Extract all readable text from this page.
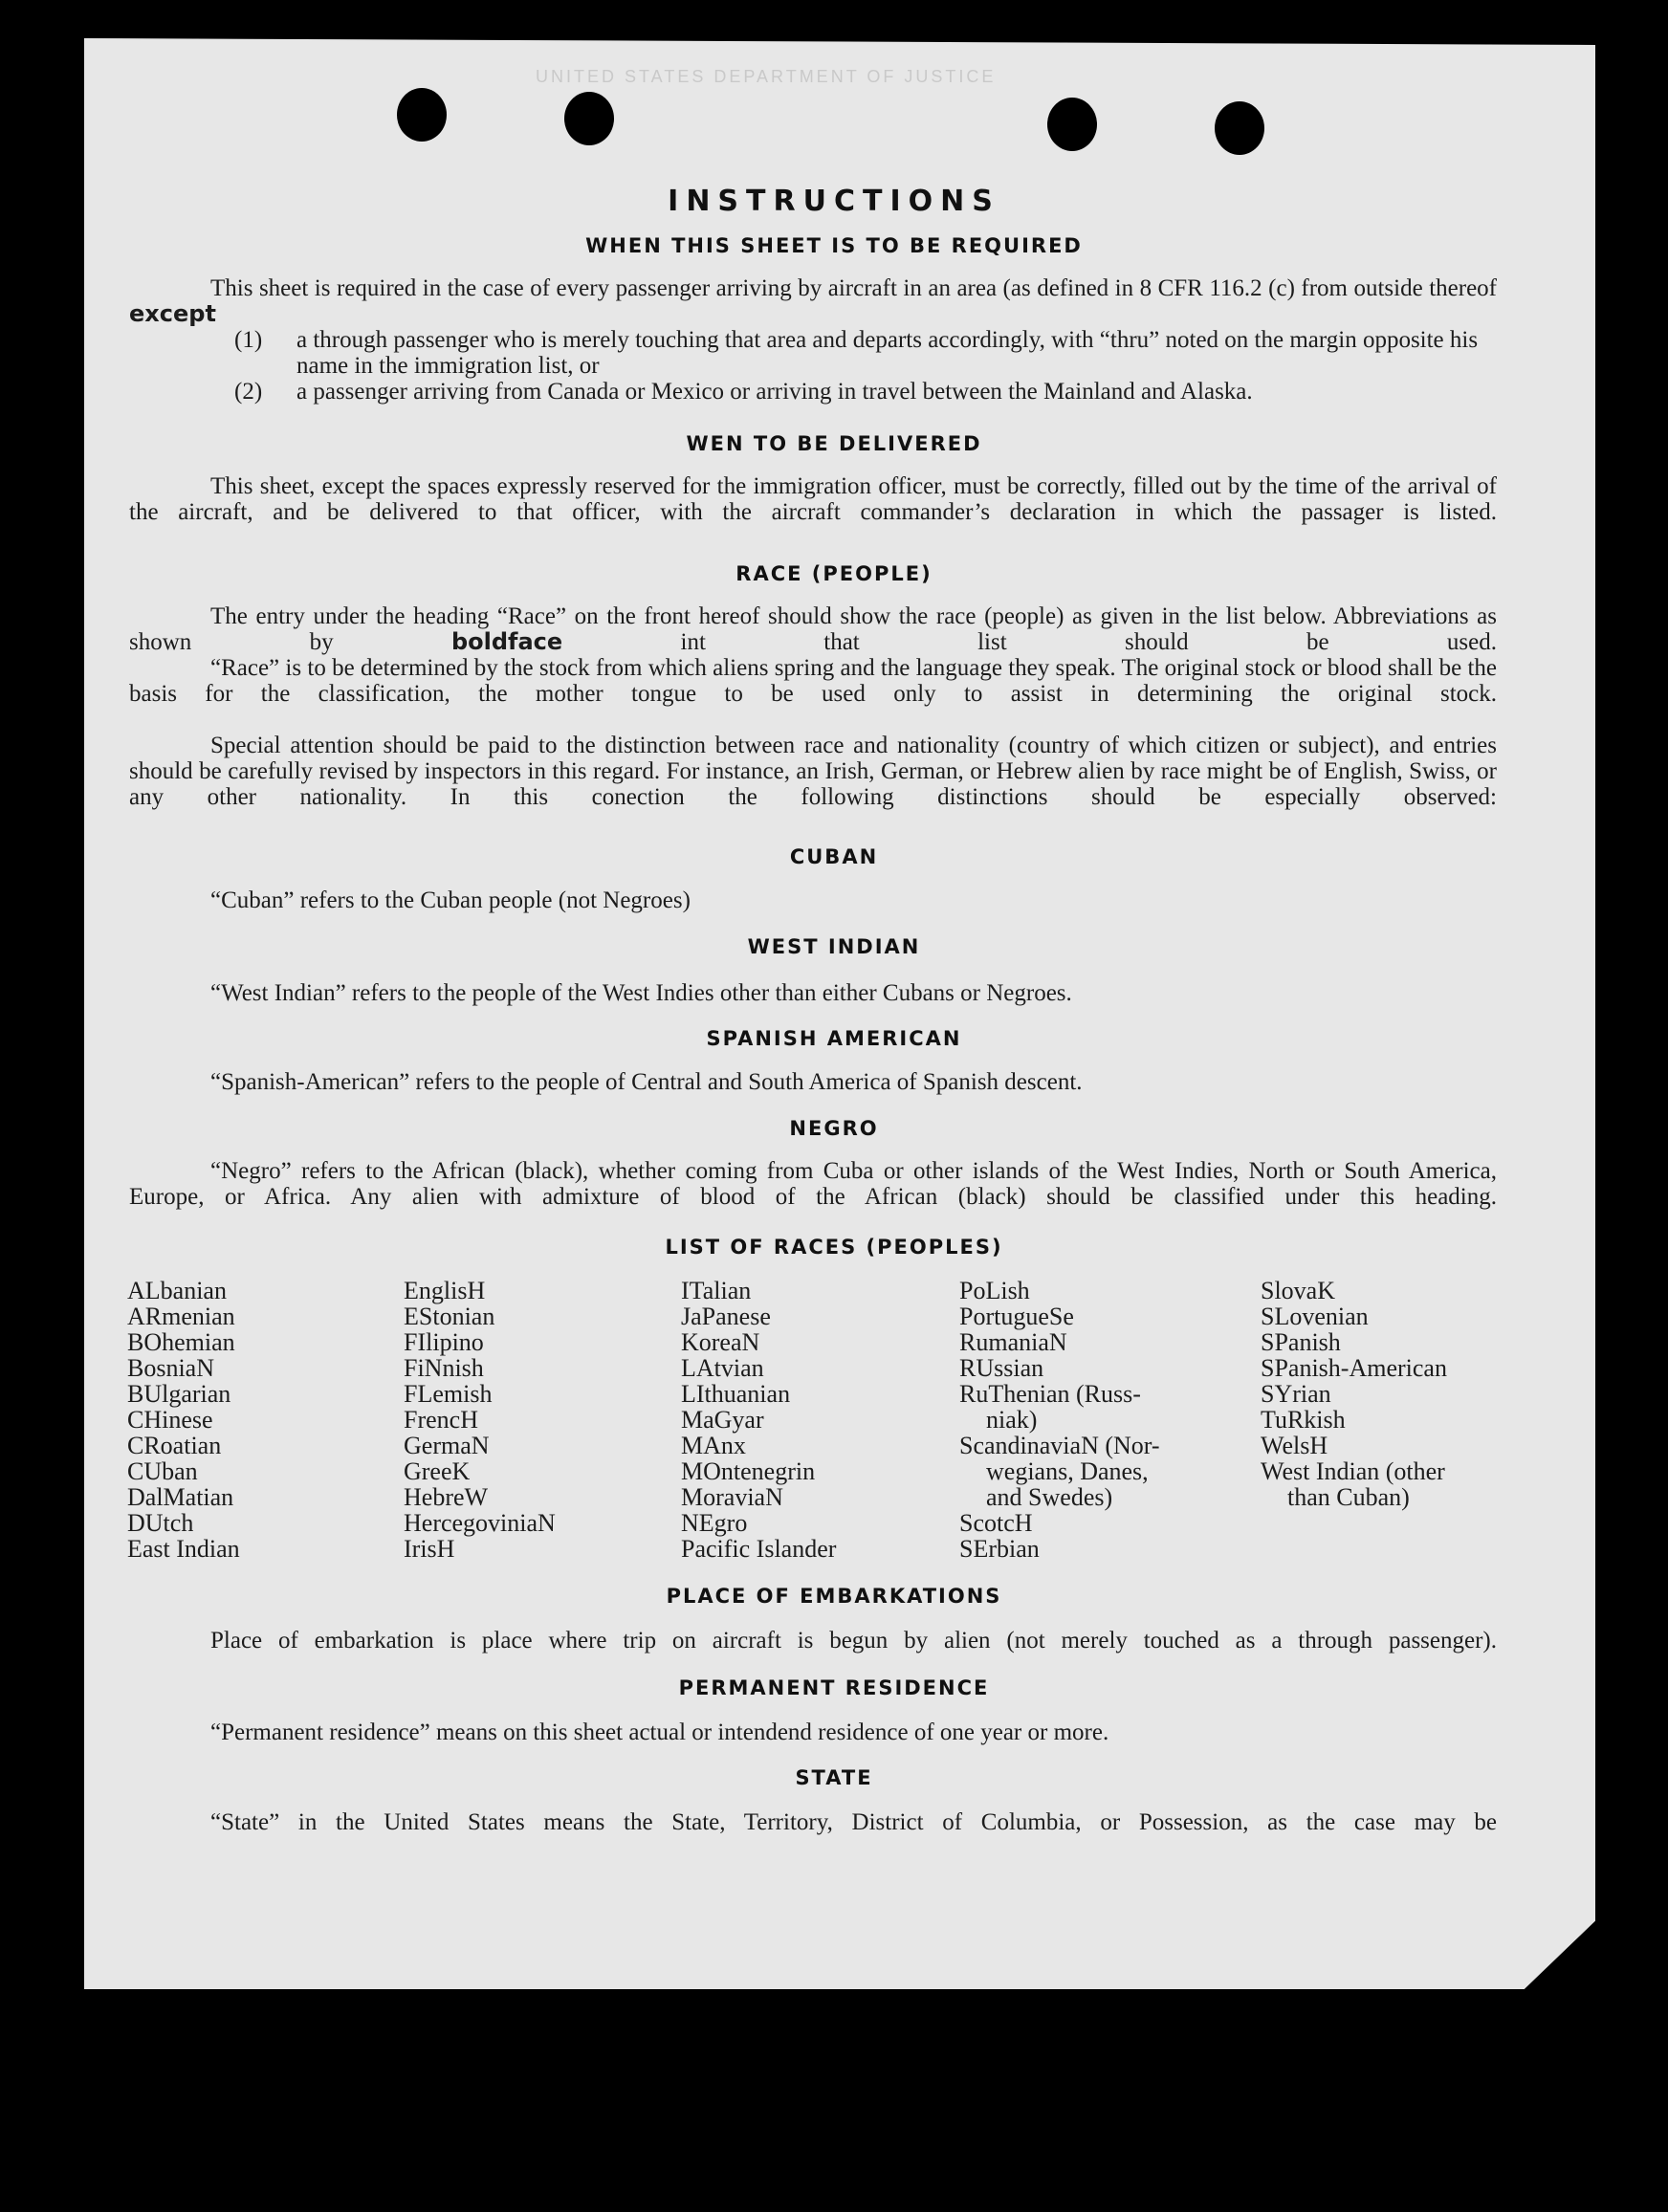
UNITED STATES DEPARTMENT OF JUSTICE
INSTRUCTIONS
WHEN THIS SHEET IS TO BE REQUIRED

This sheet is required in the case of every passenger arriving by aircraft in an area (as defined in 8 CFR 116.2 (c) from outside thereof except

(1) a through passenger who is merely touching that area and departs accordingly, with “thru” noted on the margin opposite his name in the immigration list, or
(2) a passenger arriving from Canada or Mexico or arriving in travel between the Mainland and Alaska.
WEN TO BE DELIVERED

This sheet, except the spaces expressly reserved for the immigration officer, must be correctly, filled out by the time of the arrival of the aircraft, and be delivered to that officer, with the aircraft commander’s declaration in which the passager is listed.

RACE (PEOPLE)

The entry under the heading “Race” on the front hereof should show the race (people) as given in the list below. Abbreviations as shown by	boldface	int that list should be used.

“Race” is to be determined by the stock from which aliens spring and the language they speak. The original stock or blood shall be the basis for the classification, the mother tongue to be used only to assist in determining the original stock.

Special attention should be paid to the distinction between race and nationality (country of which citizen or subject), and entries should be carefully revised by inspectors in this regard. For instance, an Irish, German, or Hebrew alien by race might be of English, Swiss, or any other nationality. In this conection the following distinctions should be especially observed:

CUBAN

“Cuban” refers to the Cuban people (not Negroes)

WEST INDIAN

“West Indian” refers to the people of the West Indies other than either Cubans or Negroes.

SPANISH AMERICAN

“Spanish-American” refers to the people of Central and South America of Spanish descent.

NEGRO

“Negro” refers to the African (black), whether coming from Cuba or other islands of the West Indies, North or South America, Europe, or Africa. Any alien with admixture of blood of the African (black) should be classified under this heading.

LIST OF RACES (PEOPLES)
ALbanian
ARmenian
BOhemian
BosniaN
BUlgarian
CHinese
CRoatian
CUban
DalMatian
DUtch
East Indian
EnglisH
EStonian
FIlipino
FiNnish
FLemish
FrencH
GermaN
GreeK
HebreW
HercegoviniaN
IrisH
ITalian
JaPanese
KoreaN
LAtvian
LIthuanian
MaGyar
MAnx
MOntenegrin
MoraviaN
NEgro
Pacific Islander
PoLish
PortugueSe
RumaniaN
RUssian
RuThenian (Russ-
niak)
ScandinaviaN (Nor-
wegians, Danes,
and Swedes)
ScotcH
SErbian
SlovaK
SLovenian
SPanish
SPanish-American
SYrian
TuRkish
WelsH
West Indian (other
than Cuban)
PLACE OF EMBARKATIONS

Place of embarkation is place where trip on aircraft is begun by alien (not merely touched as a through passenger).

PERMANENT RESIDENCE

“Permanent residence” means on this sheet actual or intendend residence of one year or more.

STATE

“State” in the United States means the State, Territory, District of Columbia, or Possession, as the case may be
